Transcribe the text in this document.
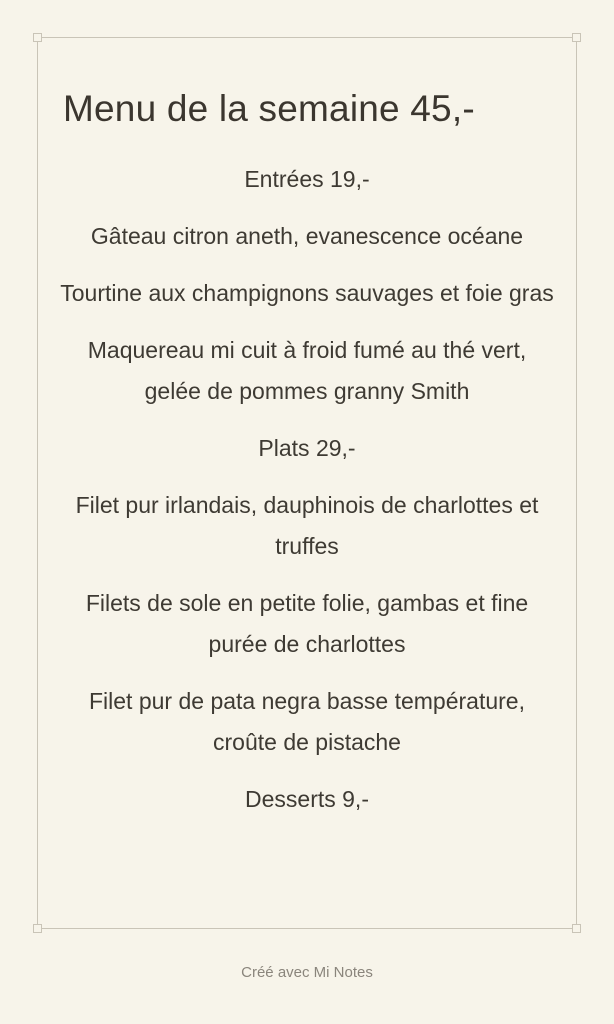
Menu de la semaine 45,-

Entrées 19,-

Gâteau citron aneth, evanescence océane

Tourtine aux champignons sauvages et foie gras

Maquereau mi cuit à froid fumé au thé vert, gelée de pommes granny Smith

Plats 29,-

Filet pur irlandais, dauphinois de charlottes et truffes

Filets de sole en petite folie, gambas et fine purée de charlottes

Filet pur de pata negra basse température, croûte de pistache

Desserts 9,-

Créé avec Mi Notes
